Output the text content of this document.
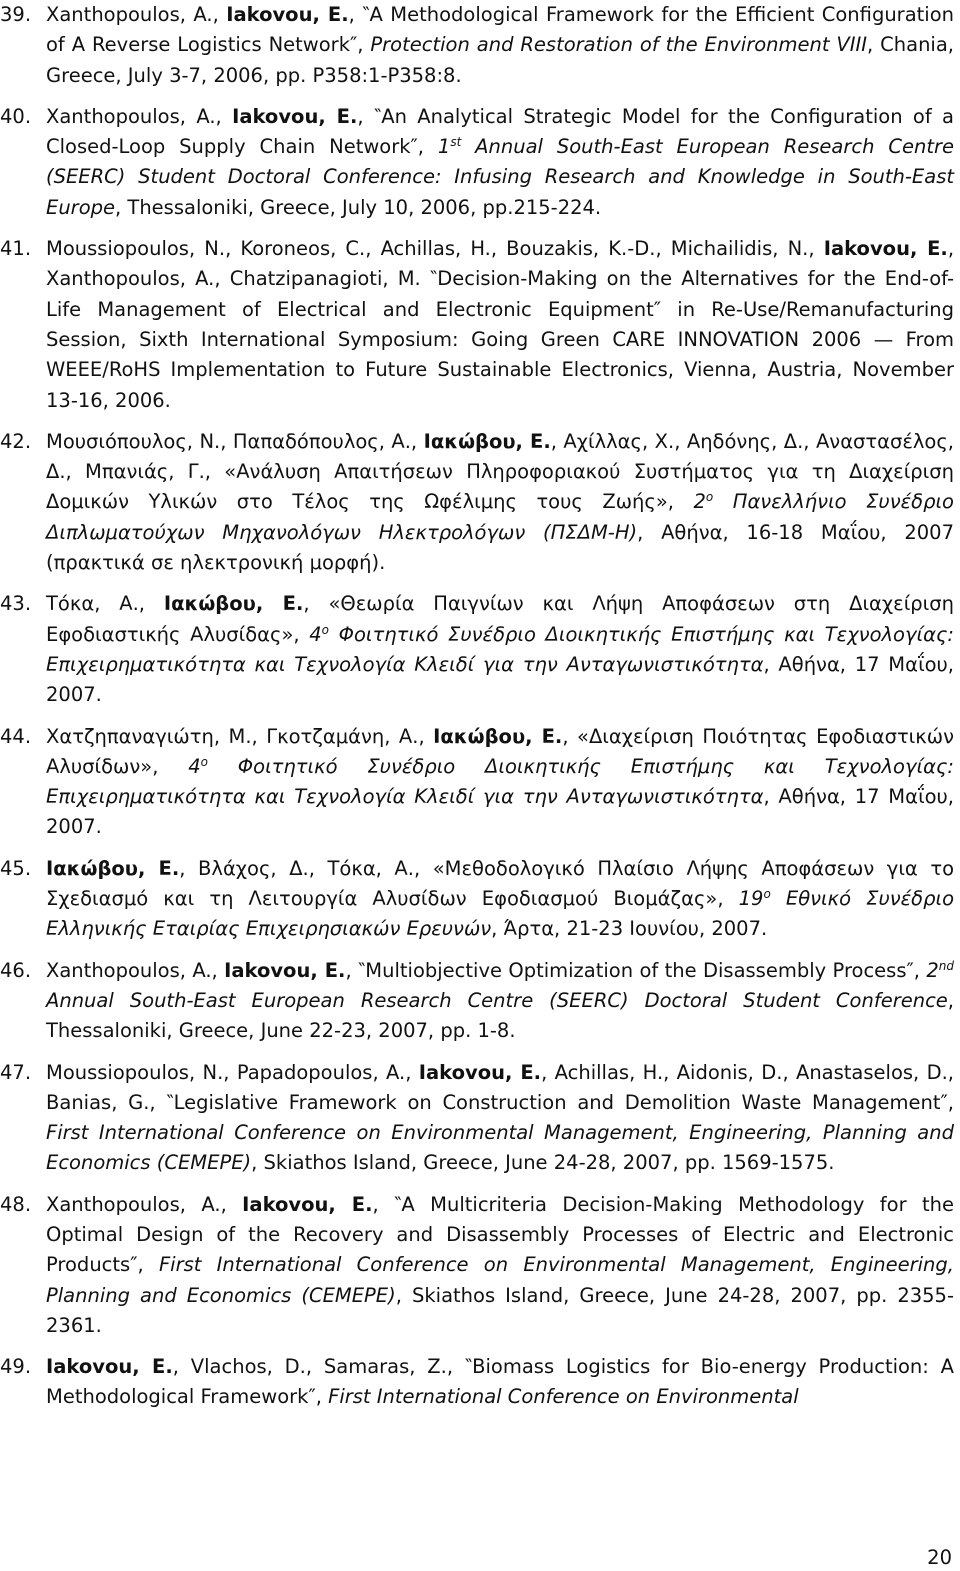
39. Xanthopoulos, A., Iakovou, E., ‶A Methodological Framework for the Efficient Configuration of A Reverse Logistics Network″, Protection and Restoration of the Environment VIII, Chania, Greece, July 3-7, 2006, pp. P358:1-P358:8.
40. Xanthopoulos, A., Iakovou, E., ‶An Analytical Strategic Model for the Configuration of a Closed-Loop Supply Chain Network″, 1st Annual South-East European Research Centre (SEERC) Student Doctoral Conference: Infusing Research and Knowledge in South-East Europe, Thessaloniki, Greece, July 10, 2006, pp.215-224.
41. Moussiopoulos, N., Koroneos, C., Achillas, H., Bouzakis, K.-D., Michailidis, N., Iakovou, E., Xanthopoulos, A., Chatzipanagioti, M. ‶Decision-Making on the Alternatives for the End-of-Life Management of Electrical and Electronic Equipment″ in Re-Use/Remanufacturing Session, Sixth International Symposium: Going Green CARE INNOVATION 2006 — From WEEE/RoHS Implementation to Future Sustainable Electronics, Vienna, Austria, November 13-16, 2006.
42. Μουσιόπουλος, Ν., Παπαδόπουλος, Α., Ιακώβου, Ε., Αχίλλας, Χ., Αηδόνης, Δ., Αναστασέλος, Δ., Μπανιάς, Γ., «Ανάλυση Απαιτήσεων Πληροφοριακού Συστήματος για τη Διαχείριση Δομικών Υλικών στο Τέλος της Ωφέλιμης τους Ζωής», $2^o$ Πανελλήνιο Συνέδριο Διπλωματούχων Μηχανολόγων Ηλεκτρολόγων (ΠΣΔΜ-Η), Αθήνα, 16-18 Μαΐου, 2007 (πρακτικά σε ηλεκτρονική μορφή).
43. Τόκα, Α., Ιακώβου, Ε., «Θεωρία Παιγνίων και Λήψη Αποφάσεων στη Διαχείριση Εφοδιαστικής Αλυσίδας», $4^o$ Φοιτητικό Συνέδριο Διοικητικής Επιστήμης και Τεχνολογίας: Επιχειρηματικότητα και Τεχνολογία Κλειδί για την Ανταγωνιστικότητα, Αθήνα, 17 Μαΐου, 2007.
44. Χατζηπαναγιώτη, Μ., Γκοτζαμάνη, Α., Ιακώβου, Ε., «Διαχείριση Ποιότητας Εφοδιαστικών Αλυσίδων», $4^o$ Φοιτητικό Συνέδριο Διοικητικής Επιστήμης και Τεχνολογίας: Επιχειρηματικότητα και Τεχνολογία Κλειδί για την Ανταγωνιστικότητα, Αθήνα, 17 Μαΐου, 2007.
45. Ιακώβου, Ε., Βλάχος, Δ., Τόκα, Α., «Μεθοδολογικό Πλαίσιο Λήψης Αποφάσεων για το Σχεδιασμό και τη Λειτουργία Αλυσίδων Εφοδιασμού Βιομάζας», $19^o$ Εθνικό Συνέδριο Ελληνικής Εταιρίας Επιχειρησιακών Ερευνών, Άρτα, 21-23 Ιουνίου, 2007.
46. Xanthopoulos, A., Iakovou, E., ‶Multiobjective Optimization of the Disassembly Process″, 2nd Annual South-East European Research Centre (SEERC) Doctoral Student Conference, Thessaloniki, Greece, June 22-23, 2007, pp. 1-8.
47. Moussiopoulos, N., Papadopoulos, A., Iakovou, E., Achillas, H., Aidonis, D., Anastaselos, D., Banias, G., ‶Legislative Framework on Construction and Demolition Waste Management″, First International Conference on Environmental Management, Engineering, Planning and Economics (CEMEPE), Skiathos Island, Greece, June 24-28, 2007, pp. 1569-1575.
48. Xanthopoulos, A., Iakovou, E., ‶A Multicriteria Decision-Making Methodology for the Optimal Design of the Recovery and Disassembly Processes of Electric and Electronic Products″, First International Conference on Environmental Management, Engineering, Planning and Economics (CEMEPE), Skiathos Island, Greece, June 24-28, 2007, pp. 2355-2361.
49. Iakovou, E., Vlachos, D., Samaras, Z., ‶Biomass Logistics for Bio-energy Production: A Methodological Framework″, First International Conference on Environmental
20
